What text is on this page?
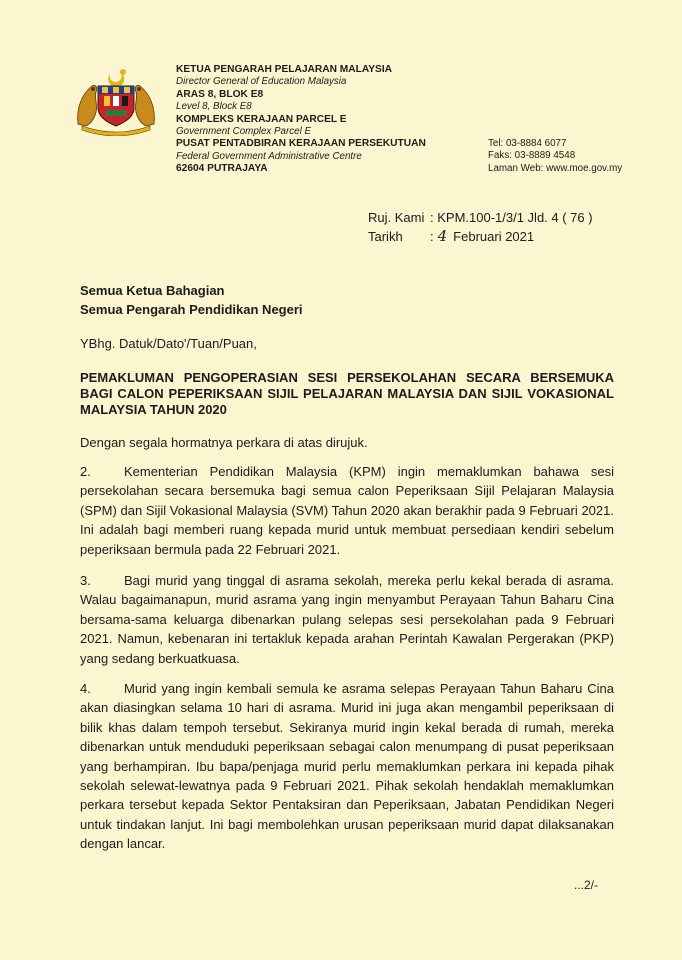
KETUA PENGARAH PELAJARAN MALAYSIA
Director General of Education Malaysia
ARAS 8, BLOK E8
Level 8, Block E8
KOMPLEKS KERAJAAN PARCEL E
Government Complex Parcel E
PUSAT PENTADBIRAN KERAJAAN PERSEKUTUAN
Federal Government Administrative Centre
62604 PUTRAJAYA
Tel: 03-8884 6077
Faks: 03-8889 4548
Laman Web: www.moe.gov.my
Ruj. Kami : KPM.100-1/3/1 Jld. 4 ( 76 )
Tarikh	: 4 Februari 2021
Semua Ketua Bahagian
Semua Pengarah Pendidikan Negeri
YBhg. Datuk/Dato'/Tuan/Puan,
PEMAKLUMAN PENGOPERASIAN SESI PERSEKOLAHAN SECARA BERSEMUKA BAGI CALON PEPERIKSAAN SIJIL PELAJARAN MALAYSIA DAN SIJIL VOKASIONAL MALAYSIA TAHUN 2020
Dengan segala hormatnya perkara di atas dirujuk.
2.	Kementerian Pendidikan Malaysia (KPM) ingin memaklumkan bahawa sesi persekolahan secara bersemuka bagi semua calon Peperiksaan Sijil Pelajaran Malaysia (SPM) dan Sijil Vokasional Malaysia (SVM) Tahun 2020 akan berakhir pada 9 Februari 2021. Ini adalah bagi memberi ruang kepada murid untuk membuat persediaan kendiri sebelum peperiksaan bermula pada 22 Februari 2021.
3.	Bagi murid yang tinggal di asrama sekolah, mereka perlu kekal berada di asrama. Walau bagaimanapun, murid asrama yang ingin menyambut Perayaan Tahun Baharu Cina bersama-sama keluarga dibenarkan pulang selepas sesi persekolahan pada 9 Februari 2021. Namun, kebenaran ini tertakluk kepada arahan Perintah Kawalan Pergerakan (PKP) yang sedang berkuatkuasa.
4.	Murid yang ingin kembali semula ke asrama selepas Perayaan Tahun Baharu Cina akan diasingkan selama 10 hari di asrama. Murid ini juga akan mengambil peperiksaan di bilik khas dalam tempoh tersebut. Sekiranya murid ingin kekal berada di rumah, mereka dibenarkan untuk menduduki peperiksaan sebagai calon menumpang di pusat peperiksaan yang berhampiran. Ibu bapa/penjaga murid perlu memaklumkan perkara ini kepada pihak sekolah selewat-lewatnya pada 9 Februari 2021. Pihak sekolah hendaklah memaklumkan perkara tersebut kepada Sektor Pentaksiran dan Peperiksaan, Jabatan Pendidikan Negeri untuk tindakan lanjut. Ini bagi membolehkan urusan peperiksaan murid dapat dilaksanakan dengan lancar.
...2/-
